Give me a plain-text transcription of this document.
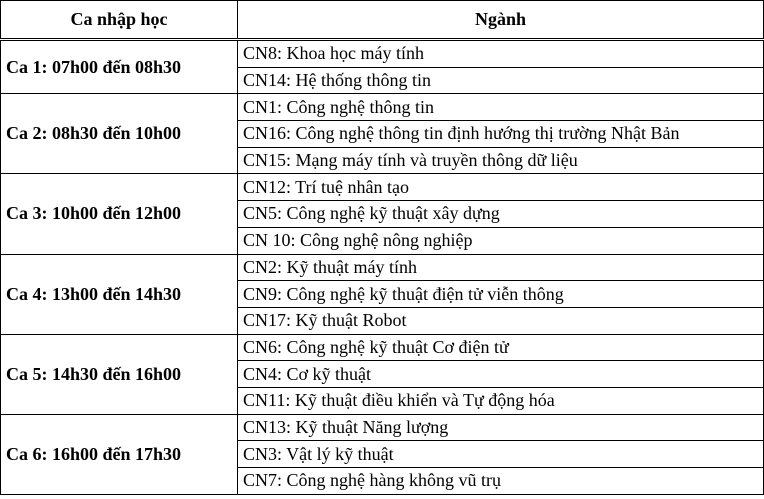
Ca nhập học	Ngành
Ca 1: 07h00 đến 08h30	CN8: Khoa học máy tính
	CN14: Hệ thống thông tin
Ca 2: 08h30 đến 10h00	CN1: Công nghệ thông tin
	CN16: Công nghệ thông tin định hướng thị trường Nhật Bản
	CN15: Mạng máy tính và truyền thông dữ liệu
Ca 3: 10h00 đến 12h00	CN12: Trí tuệ nhân tạo
	CN5: Công nghệ kỹ thuật xây dựng
	CN 10: Công nghệ nông nghiệp
Ca 4: 13h00 đến 14h30	CN2: Kỹ thuật máy tính
	CN9: Công nghệ kỹ thuật điện tử viễn thông
	CN17: Kỹ thuật Robot
Ca 5: 14h30 đến 16h00	CN6: Công nghệ kỹ thuật Cơ điện tử
	CN4: Cơ kỹ thuật
	CN11: Kỹ thuật điều khiển và Tự động hóa
Ca 6: 16h00 đến 17h30	CN13: Kỹ thuật Năng lượng
	CN3: Vật lý kỹ thuật
	CN7: Công nghệ hàng không vũ trụ
